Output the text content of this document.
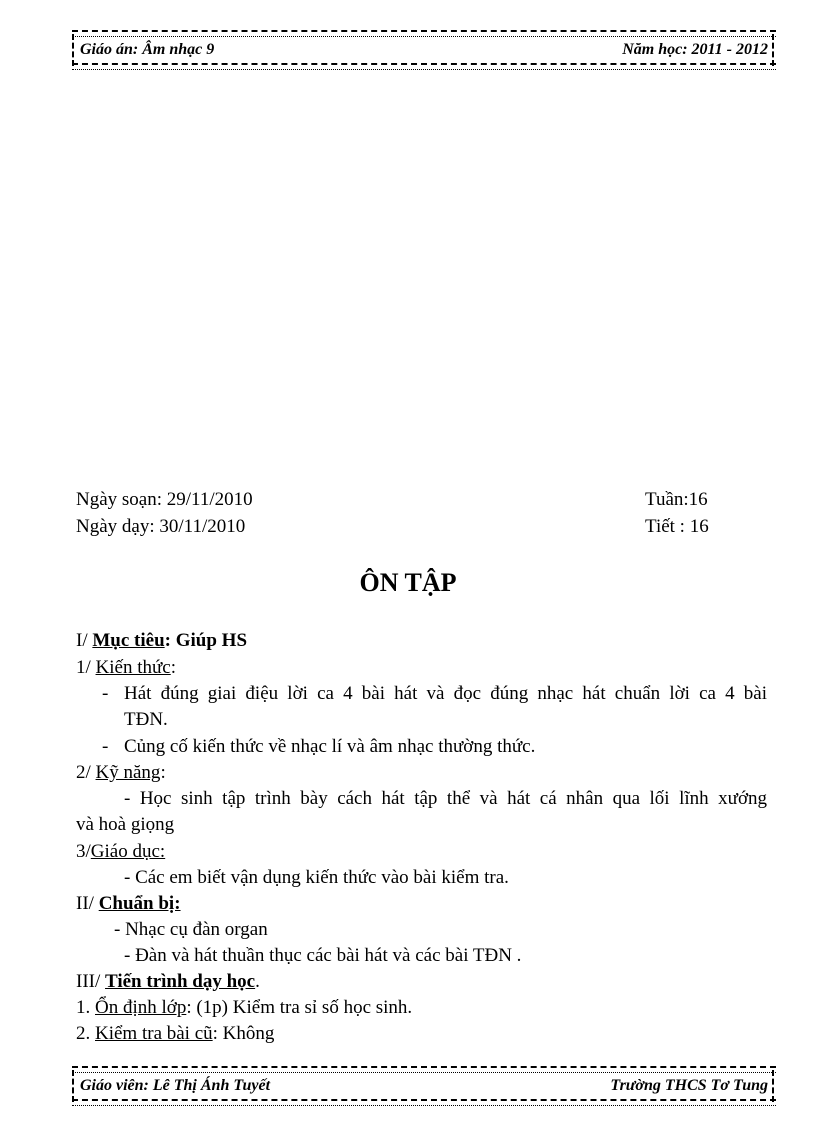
Giáo án: Âm nhạc 9	Năm học: 2011 - 2012
Ngày soạn: 29/11/2010	Tuần:16
Ngày dạy: 30/11/2010	Tiết : 16
ÔN TẬP
I/ Mục tiêu: Giúp HS
1/ Kiến thức:
- Hát đúng giai điệu lời ca 4 bài hát và đọc đúng nhạc hát chuẩn lời ca 4 bài
TĐN.
- Củng cố kiến thức về nhạc lí và âm nhạc thường thức.
2/ Kỹ năng:
- Học sinh tập trình bày cách hát tập thể và hát cá nhân qua lối lĩnh xướng
và hoà giọng
3/Giáo dục:
- Các em biết vận dụng kiến thức vào bài kiểm tra.
II/ Chuẩn bị:
- Nhạc cụ đàn organ
- Đàn và hát thuần thục các bài hát và các bài TĐN .
III/ Tiến trình dạy học.
1. Ổn định lớp: (1p) Kiểm tra sỉ số học sinh.
2. Kiểm tra bài cũ: Không
Giáo viên: Lê Thị Ánh Tuyết	Trường THCS Tơ Tung
